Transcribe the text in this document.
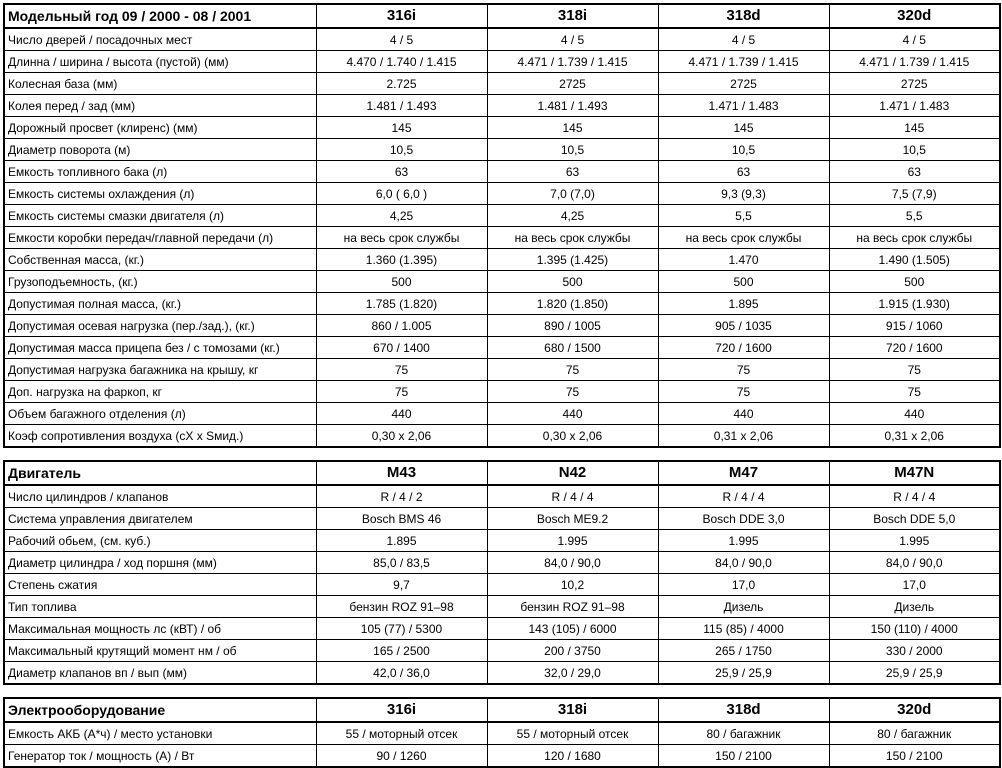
Модельный год 09 / 2000 - 08 / 2001	316i	318i	318d	320d
Число дверей / посадочных мест	4 / 5	4 / 5	4 / 5	4 / 5
Длинна / ширина / высота (пустой) (мм)	4.470 / 1.740 / 1.415	4.471 / 1.739 / 1.415	4.471 / 1.739 / 1.415	4.471 / 1.739 / 1.415
Колесная база (мм)	2.725	2725	2725	2725
Колея перед / зад (мм)	1.481 / 1.493	1.481 / 1.493	1.471 / 1.483	1.471 / 1.483
Дорожный просвет (клиренс) (мм)	145	145	145	145
Диаметр поворота (м)	10,5	10,5	10,5	10,5
Емкость топливного бака (л)	63	63	63	63
Емкость системы охлаждения (л)	6,0 ( 6,0 )	7,0 (7,0)	9,3 (9,3)	7,5 (7,9)
Емкость системы смазки двигателя (л)	4,25	4,25	5,5	5,5
Емкости коробки передач/главной передачи (л)	на весь срок службы	на весь срок службы	на весь срок службы	на весь срок службы
Собственная масса, (кг.)	1.360 (1.395)	1.395 (1.425)	1.470	1.490 (1.505)
Грузоподъемность, (кг.)	500	500	500	500
Допустимая полная масса, (кг.)	1.785 (1.820)	1.820 (1.850)	1.895	1.915 (1.930)
Допустимая осевая нагрузка (пер./зад.), (кг.)	860 / 1.005	890 / 1005	905 / 1035	915 / 1060
Допустимая масса прицепа без / с томозами (кг.)	670 / 1400	680 / 1500	720 / 1600	720 / 1600
Допустимая нагрузка багажника на крышу, кг	75	75	75	75
Доп. нагрузка на фаркоп, кг	75	75	75	75
Объем багажного отделения (л)	440	440	440	440
Коэф сопротивления воздуха (сХ х Sмид.)	0,30 х 2,06	0,30 х 2,06	0,31 х 2,06	0,31 х 2,06
Двигатель	M43	N42	M47	M47N
Число цилиндров / клапанов	R / 4 / 2	R / 4 / 4	R / 4 / 4	R / 4 / 4
Система управления двигателем	Bosch BMS 46	Bosch ME9.2	Bosch DDE 3,0	Bosch DDE 5,0
Рабочий обьем, (см. куб.)	1.895	1.995	1.995	1.995
Диаметр цилиндра / ход поршня (мм)	85,0 / 83,5	84,0 / 90,0	84,0 / 90,0	84,0 / 90,0
Степень сжатия	9,7	10,2	17,0	17,0
Тип топлива	бензин ROZ 91–98	бензин ROZ 91–98	Дизель	Дизель
Максимальная мощность лс (кВТ) / об	105 (77) / 5300	143 (105) / 6000	115 (85) / 4000	150 (110) / 4000
Максимальный крутящий момент нм / об	165 / 2500	200 / 3750	265 / 1750	330 / 2000
Диаметр клапанов вп / вып (мм)	42,0 / 36,0	32,0 / 29,0	25,9 / 25,9	25,9 / 25,9
Электрооборудование	316i	318i	318d	320d
Емкость АКБ (А*ч) / место установки	55 / моторный отсек	55 / моторный отсек	80 / багажник	80 / багажник
Генератор ток / мощность (А) / Вт	90 / 1260	120 / 1680	150 / 2100	150 / 2100
